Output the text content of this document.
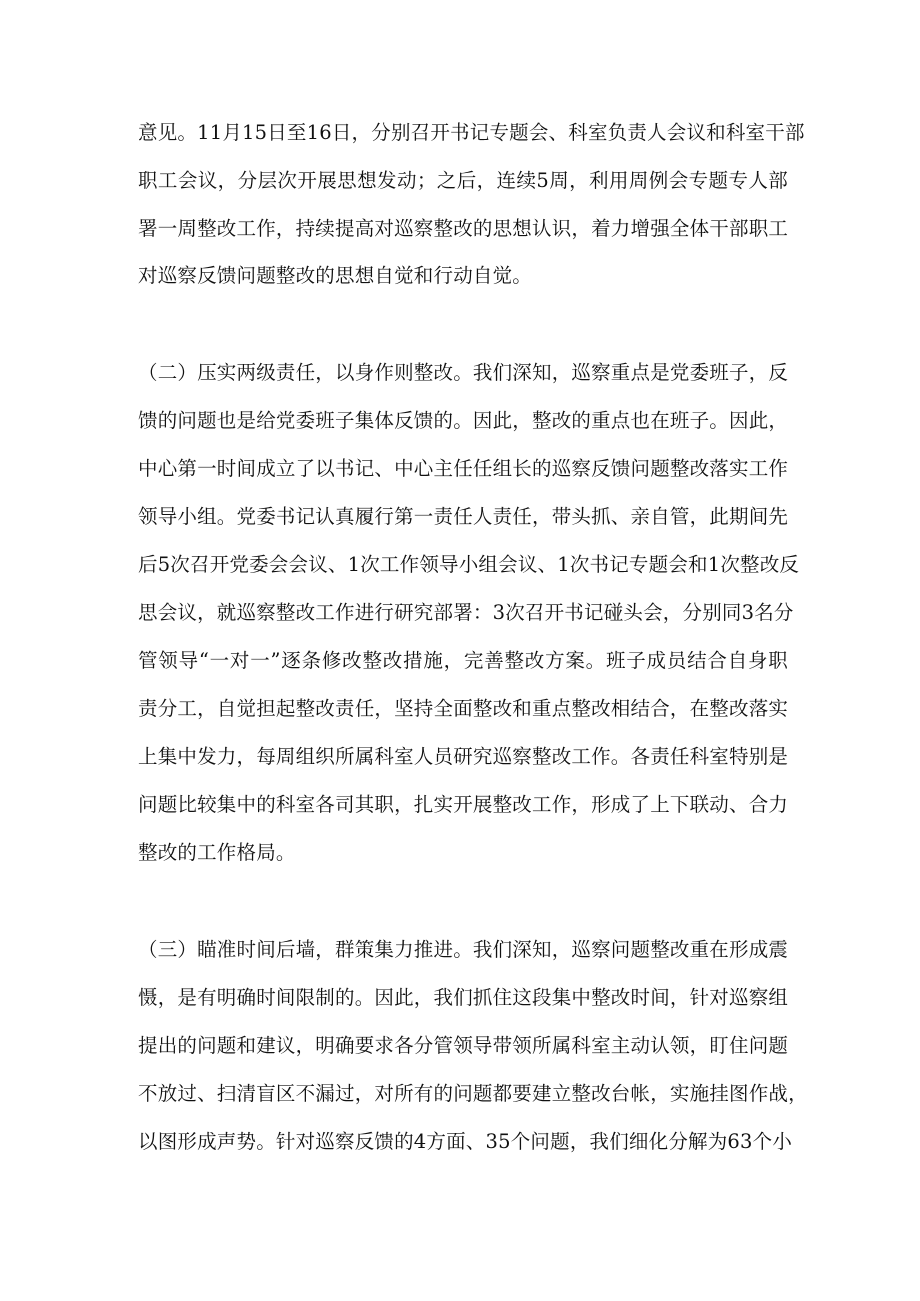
意见。11月15日至16日，分别召开书记专题会、科室负责人会议和科室干部
职工会议，分层次开展思想发动；之后，连续5周，利用周例会专题专人部
署一周整改工作，持续提高对巡察整改的思想认识，着力增强全体干部职工
对巡察反馈问题整改的思想自觉和行动自觉。
（二）压实两级责任，以身作则整改。我们深知，巡察重点是党委班子，反
馈的问题也是给党委班子集体反馈的。因此，整改的重点也在班子。因此，
中心第一时间成立了以书记、中心主任任组长的巡察反馈问题整改落实工作
领导小组。党委书记认真履行第一责任人责任，带头抓、亲自管，此期间先
后5次召开党委会会议、1次工作领导小组会议、1次书记专题会和1次整改反
思会议，就巡察整改工作进行研究部署：3次召开书记碰头会，分别同3名分
管领导“一对一”逐条修改整改措施，完善整改方案。班子成员结合自身职
责分工，自觉担起整改责任，坚持全面整改和重点整改相结合，在整改落实
上集中发力，每周组织所属科室人员研究巡察整改工作。各责任科室特别是
问题比较集中的科室各司其职，扎实开展整改工作，形成了上下联动、合力
整改的工作格局。
（三）瞄准时间后墙，群策集力推进。我们深知，巡察问题整改重在形成震
慑，是有明确时间限制的。因此，我们抓住这段集中整改时间，针对巡察组
提出的问题和建议，明确要求各分管领导带领所属科室主动认领，盯住问题
不放过、扫清盲区不漏过，对所有的问题都要建立整改台帐，实施挂图作战，
以图形成声势。针对巡察反馈的4方面、35个问题，我们细化分解为63个小
